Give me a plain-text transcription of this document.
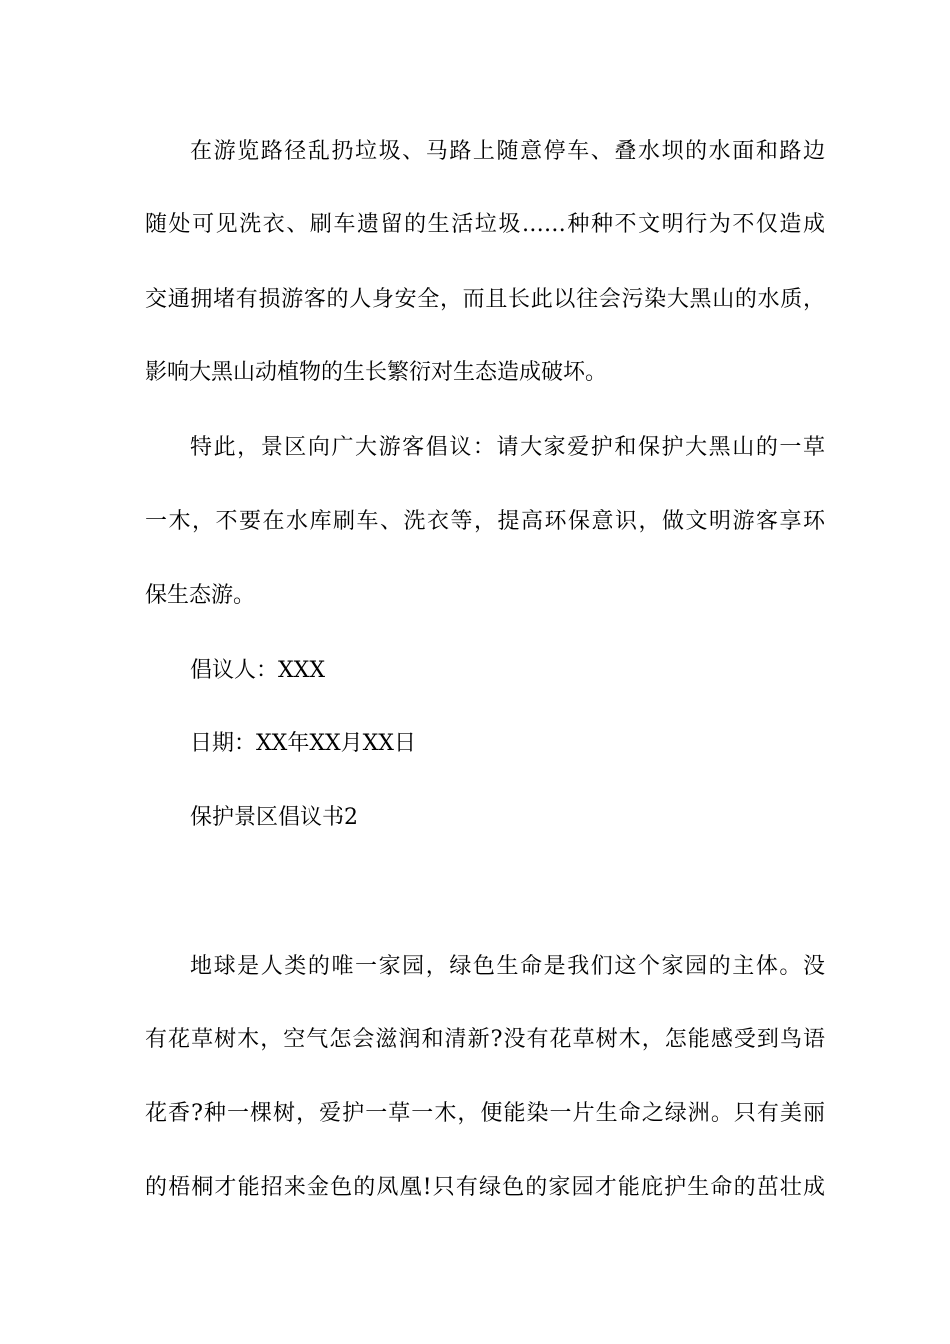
在游览路径乱扔垃圾、马路上随意停车、叠水坝的水面和路边
随处可见洗衣、刷车遗留的生活垃圾……种种不文明行为不仅造成
交通拥堵有损游客的人身安全，而且长此以往会污染大黑山的水质，
影响大黑山动植物的生长繁衍对生态造成破坏。
特此，景区向广大游客倡议：请大家爱护和保护大黑山的一草
一木，不要在水库刷车、洗衣等，提高环保意识，做文明游客享环
保生态游。
倡议人：XXX
日期：XX年XX月XX日
保护景区倡议书2
地球是人类的唯一家园，绿色生命是我们这个家园的主体。没
有花草树木，空气怎会滋润和清新?没有花草树木，怎能感受到鸟语
花香?种一棵树，爱护一草一木，便能染一片生命之绿洲。只有美丽
的梧桐才能招来金色的凤凰!只有绿色的家园才能庇护生命的茁壮成
